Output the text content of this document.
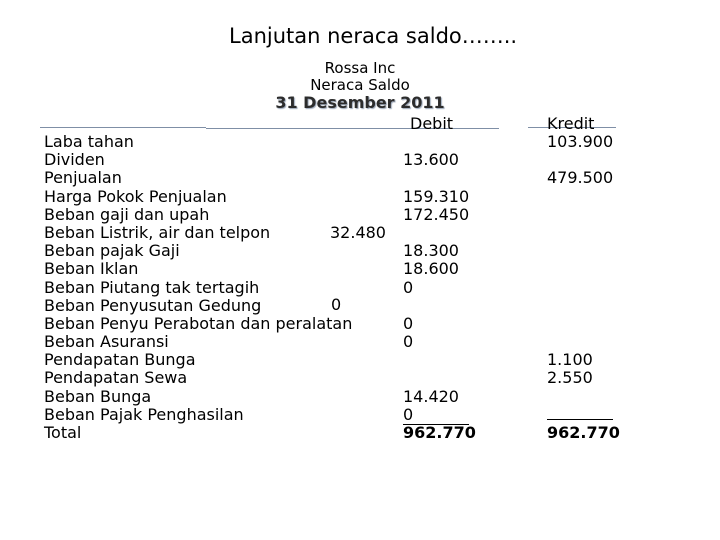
Lanjutan neraca saldo……..
Rossa Inc
Neraca Saldo
31 Desember 2011
Debit	Kredit
Laba tahan
Dividen
Penjualan
Harga Pokok Penjualan
Beban gaji dan upah
Beban Listrik, air dan telpon
Beban pajak Gaji
Beban Iklan
Beban Piutang tak tertagih
Beban Penyusutan Gedung
Beban Penyu Perabotan dan peralatan
Beban Asuransi
Pendapatan Bunga
Pendapatan Sewa
Beban Bunga
Beban Pajak Penghasilan
Total
32.480
0
13.600
159.310
172.450
18.300
18.600
0
0
0
14.420
0
962.770
103.900
479.500
1.100
2.550
962.770
